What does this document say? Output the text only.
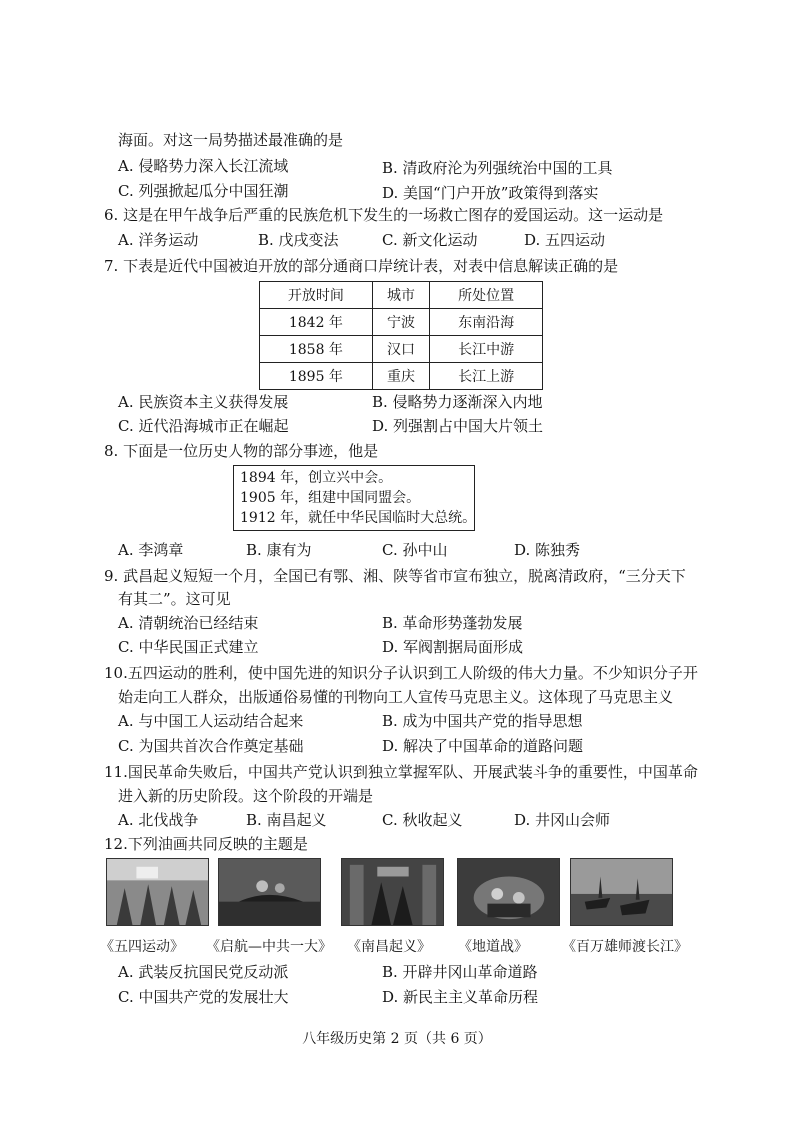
海面。对这一局势描述最准确的是
A. 侵略势力深入长江流域	B. 清政府沦为列强统治中国的工具
C. 列强掀起瓜分中国狂潮	D. 美国“门户开放”政策得到落实
6. 这是在甲午战争后严重的民族危机下发生的一场救亡图存的爱国运动。这一运动是
A. 洋务运动	B. 戊戌变法	C. 新文化运动	D. 五四运动
7. 下表是近代中国被迫开放的部分通商口岸统计表，对表中信息解读正确的是
开放时间	城市	所处位置
1842 年	宁波	东南沿海
1858 年	汉口	长江中游
1895 年	重庆	长江上游
A. 民族资本主义获得发展	B. 侵略势力逐渐深入内地
C. 近代沿海城市正在崛起	D. 列强割占中国大片领土
8. 下面是一位历史人物的部分事迹，他是
1894 年，创立兴中会。
1905 年，组建中国同盟会。
1912 年，就任中华民国临时大总统。
A. 李鸿章	B. 康有为	C. 孙中山	D. 陈独秀
9. 武昌起义短短一个月，全国已有鄂、湘、陕等省市宣布独立，脱离清政府，“三分天下
有其二”。这可见
A. 清朝统治已经结束	B. 革命形势蓬勃发展
C. 中华民国正式建立	D. 军阀割据局面形成
10.五四运动的胜利，使中国先进的知识分子认识到工人阶级的伟大力量。不少知识分子开
始走向工人群众，出版通俗易懂的刊物向工人宣传马克思主义。这体现了马克思主义
A. 与中国工人运动结合起来	B. 成为中国共产党的指导思想
C. 为国共首次合作奠定基础	D. 解决了中国革命的道路问题
11.国民革命失败后，中国共产党认识到独立掌握军队、开展武装斗争的重要性，中国革命
进入新的历史阶段。这个阶段的开端是
A. 北伐战争	B. 南昌起义	C. 秋收起义	D. 井冈山会师
12.下列油画共同反映的主题是
《五四运动》 《启航—中共一大》 《南昌起义》 《地道战》 《百万雄师渡长江》
A. 武装反抗国民党反动派	B. 开辟井冈山革命道路
C. 中国共产党的发展壮大	D. 新民主主义革命历程
八年级历史第 2 页（共 6 页）
